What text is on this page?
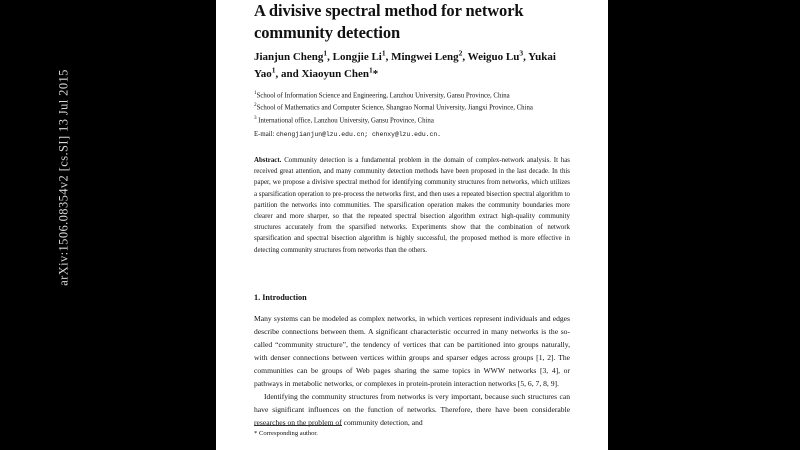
arXiv:1506.08354v2 [cs.SI] 13 Jul 2015
A divisive spectral method for network community detection
Jianjun Cheng$^1$, Longjie Li$^1$, Mingwei Leng$^2$, Weiguo Lu$^3$, Yukai Yao$^1$, and Xiaoyun Chen$^1$*
$^1$School of Information Science and Engineering, Lanzhou University, Gansu Province, China
$^2$School of Mathematics and Computer Science, Shangrao Normal University, Jiangxi Province, China
$^3$ International office, Lanzhou University, Gansu Province, China
E-mail: chengjianjun@lzu.edu.cn; chenxy@lzu.edu.cn.
Abstract. Community detection is a fundamental problem in the domain of complex-network analysis. It has received great attention, and many community detection methods have been proposed in the last decade. In this paper, we propose a divisive spectral method for identifying community structures from networks, which utilizes a sparsification operation to pre-process the networks first, and then uses a repeated bisection spectral algorithm to partition the networks into communities. The sparsification operation makes the community boundaries more clearer and more sharper, so that the repeated spectral bisection algorithm extract high-quality community structures accurately from the sparsified networks. Experiments show that the combination of network sparsification and spectral bisection algorithm is highly successful, the proposed method is more effective in detecting community structures from networks than the others.
1. Introduction

Many systems can be modeled as complex networks, in which vertices represent individuals and edges describe connections between them. A significant characteristic occurred in many networks is the so-called “community structure”, the tendency of vertices that can be partitioned into groups naturally, with denser connections between vertices within groups and sparser edges across groups [1, 2]. The communities can be groups of Web pages sharing the same topics in WWW networks [3, 4], or pathways in metabolic networks, or complexes in protein-protein interaction networks [5, 6, 7, 8, 9].

Identifying the community structures from networks is very important, because such structures can have significant influences on the function of networks. Therefore, there have been considerable researches on the problem of community detection, and

* Corresponding author.
